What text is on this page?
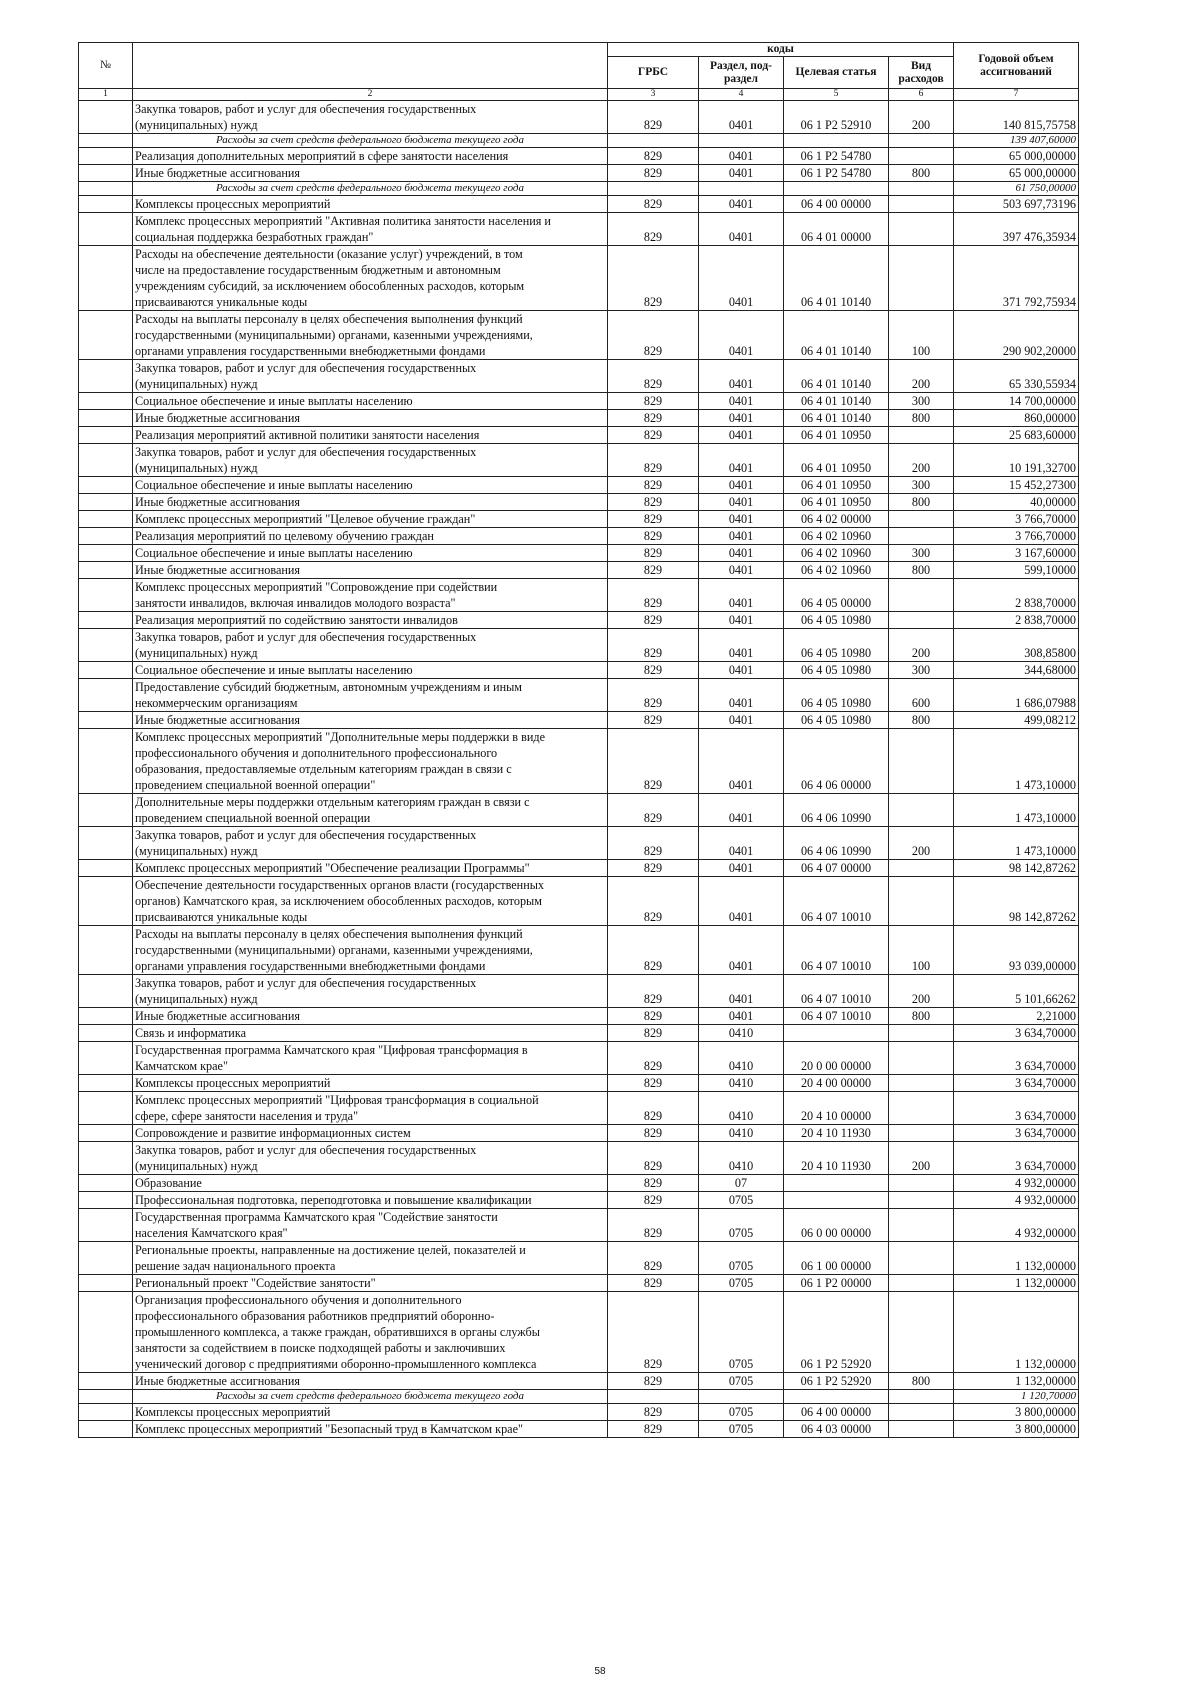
№		коды				Годовой объем
ассигнований
		ГРБС	Раздел, под-
раздел	Целевая статья	Вид
расходов	
1	2	3	4	5	6	7
	Закупка товаров, работ и услуг для обеспечения государственных
(муниципальных) нужд	829	0401	06 1 P2 52910	200	140 815,75758
	Расходы за счет средств федерального бюджета текущего года					139 407,60000
	Реализация дополнительных мероприятий в сфере занятости населения	829	0401	06 1 P2 54780		65 000,00000
	Иные бюджетные ассигнования	829	0401	06 1 P2 54780	800	65 000,00000
	Расходы за счет средств федерального бюджета текущего года					61 750,00000
	Комплексы процессных мероприятий	829	0401	06 4 00 00000		503 697,73196
	Комплекс процессных мероприятий "Активная политика занятости населения и
социальная поддержка безработных граждан"	829	0401	06 4 01 00000		397 476,35934
	Расходы на обеспечение деятельности (оказание услуг) учреждений, в том
числе на предоставление государственным бюджетным и автономным
учреждениям субсидий, за исключением обособленных расходов, которым
присваиваются уникальные коды	829	0401	06 4 01 10140		371 792,75934
	Расходы на выплаты персоналу в целях обеспечения выполнения функций
государственными (муниципальными) органами, казенными учреждениями,
органами управления государственными внебюджетными фондами	829	0401	06 4 01 10140	100	290 902,20000
	Закупка товаров, работ и услуг для обеспечения государственных
(муниципальных) нужд	829	0401	06 4 01 10140	200	65 330,55934
	Социальное обеспечение и иные выплаты населению	829	0401	06 4 01 10140	300	14 700,00000
	Иные бюджетные ассигнования	829	0401	06 4 01 10140	800	860,00000
	Реализация мероприятий активной политики занятости населения	829	0401	06 4 01 10950		25 683,60000
	Закупка товаров, работ и услуг для обеспечения государственных
(муниципальных) нужд	829	0401	06 4 01 10950	200	10 191,32700
	Социальное обеспечение и иные выплаты населению	829	0401	06 4 01 10950	300	15 452,27300
	Иные бюджетные ассигнования	829	0401	06 4 01 10950	800	40,00000
	Комплекс процессных мероприятий "Целевое обучение граждан"	829	0401	06 4 02 00000		3 766,70000
	Реализация мероприятий по целевому обучению граждан	829	0401	06 4 02 10960		3 766,70000
	Социальное обеспечение и иные выплаты населению	829	0401	06 4 02 10960	300	3 167,60000
	Иные бюджетные ассигнования	829	0401	06 4 02 10960	800	599,10000
	Комплекс процессных мероприятий "Сопровождение при содействии
занятости инвалидов, включая инвалидов молодого возраста"	829	0401	06 4 05 00000		2 838,70000
	Реализация мероприятий по содействию занятости инвалидов	829	0401	06 4 05 10980		2 838,70000
	Закупка товаров, работ и услуг для обеспечения государственных
(муниципальных) нужд	829	0401	06 4 05 10980	200	308,85800
	Социальное обеспечение и иные выплаты населению	829	0401	06 4 05 10980	300	344,68000
	Предоставление субсидий бюджетным, автономным учреждениям и иным
некоммерческим организациям	829	0401	06 4 05 10980	600	1 686,07988
	Иные бюджетные ассигнования	829	0401	06 4 05 10980	800	499,08212
	Комплекс процессных мероприятий "Дополнительные меры поддержки в виде
профессионального обучения и дополнительного профессионального
образования, предоставляемые отдельным категориям граждан в связи с
проведением специальной военной операции"	829	0401	06 4 06 00000		1 473,10000
	Дополнительные меры поддержки отдельным категориям граждан в связи с
проведением специальной военной операции	829	0401	06 4 06 10990		1 473,10000
	Закупка товаров, работ и услуг для обеспечения государственных
(муниципальных) нужд	829	0401	06 4 06 10990	200	1 473,10000
	Комплекс процессных мероприятий "Обеспечение реализации Программы"	829	0401	06 4 07 00000		98 142,87262
	Обеспечение деятельности государственных органов власти (государственных
органов) Камчатского края, за исключением обособленных расходов, которым
присваиваются уникальные коды	829	0401	06 4 07 10010		98 142,87262
	Расходы на выплаты персоналу в целях обеспечения выполнения функций
государственными (муниципальными) органами, казенными учреждениями,
органами управления государственными внебюджетными фондами	829	0401	06 4 07 10010	100	93 039,00000
	Закупка товаров, работ и услуг для обеспечения государственных
(муниципальных) нужд	829	0401	06 4 07 10010	200	5 101,66262
	Иные бюджетные ассигнования	829	0401	06 4 07 10010	800	2,21000
	Связь и информатика	829	0410			3 634,70000
	Государственная программа Камчатского края "Цифровая трансформация в
Камчатском крае"	829	0410	20 0 00 00000		3 634,70000
	Комплексы процессных мероприятий	829	0410	20 4 00 00000		3 634,70000
	Комплекс процессных мероприятий "Цифровая трансформация в социальной
сфере, сфере занятости населения и труда"	829	0410	20 4 10 00000		3 634,70000
	Сопровождение и развитие информационных систем	829	0410	20 4 10 11930		3 634,70000
	Закупка товаров, работ и услуг для обеспечения государственных
(муниципальных) нужд	829	0410	20 4 10 11930	200	3 634,70000
	Образование	829	07			4 932,00000
	Профессиональная подготовка, переподготовка и повышение квалификации	829	0705			4 932,00000
	Государственная программа Камчатского края "Содействие занятости
населения Камчатского края"	829	0705	06 0 00 00000		4 932,00000
	Региональные проекты, направленные на достижение целей, показателей и
решение задач национального проекта	829	0705	06 1 00 00000		1 132,00000
	Региональный проект "Содействие занятости"	829	0705	06 1 P2 00000		1 132,00000
	Организация профессионального обучения и дополнительного
профессионального образования работников предприятий оборонно-
промышленного комплекса, а также граждан, обратившихся в органы службы
занятости за содействием в поиске подходящей работы и заключивших
ученический договор с предприятиями оборонно-промышленного комплекса	829	0705	06 1 P2 52920		1 132,00000
	Иные бюджетные ассигнования	829	0705	06 1 P2 52920	800	1 132,00000
	Расходы за счет средств федерального бюджета текущего года					1 120,70000
	Комплексы процессных мероприятий	829	0705	06 4 00 00000		3 800,00000
	Комплекс процессных мероприятий "Безопасный труд в Камчатском крае"	829	0705	06 4 03 00000		3 800,00000
58
